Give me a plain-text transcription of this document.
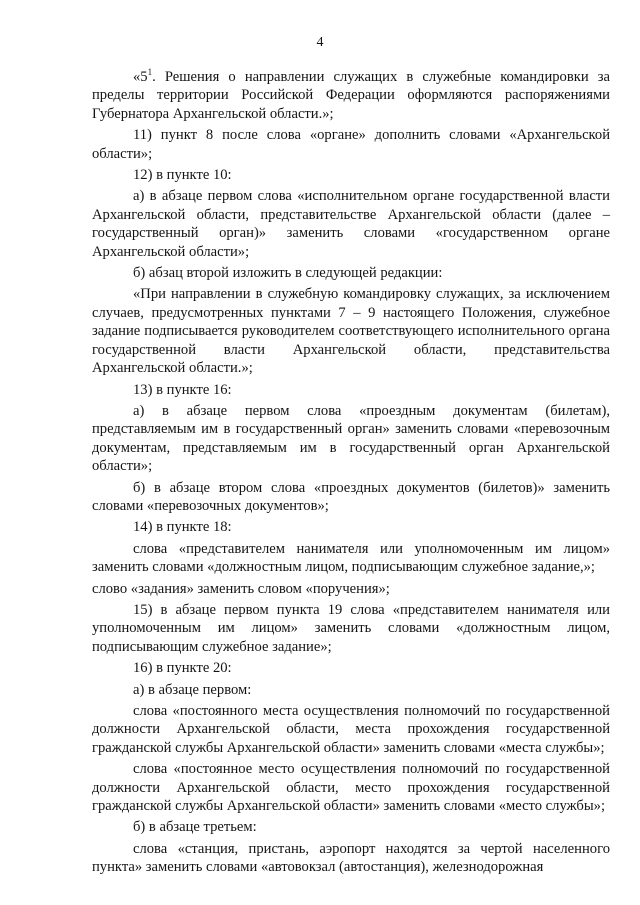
4

«$5^1$. Решения о направлении служащих в служебные командировки за пределы территории Российской Федерации оформляются распоряжениями Губернатора Архангельской области.»;

11) пункт 8 после слова «органе» дополнить словами «Архангельской области»;

12) в пункте 10:

а) в абзаце первом слова «исполнительном органе государственной власти Архангельской области, представительстве Архангельской области (далее – государственный орган)» заменить словами «государственном органе Архангельской области»;

б) абзац второй изложить в следующей редакции:

«При направлении в служебную командировку служащих, за исключением случаев, предусмотренных пунктами 7 – 9 настоящего Положения, служебное задание подписывается руководителем соответствующего исполнительного органа государственной власти Архангельской области, представительства Архангельской области.»;

13) в пункте 16:

а) в абзаце первом слова «проездным документам (билетам), представляемым им в государственный орган» заменить словами «перевозочным документам, представляемым им в государственный орган Архангельской области»;

б) в абзаце втором слова «проездных документов (билетов)» заменить словами «перевозочных документов»;

14) в пункте 18:

слова «представителем нанимателя или уполномоченным им лицом» заменить словами «должностным лицом, подписывающим служебное задание,»;

слово «задания» заменить словом «поручения»;

15) в абзаце первом пункта 19 слова «представителем нанимателя или уполномоченным им лицом» заменить словами «должностным лицом, подписывающим служебное задание»;

16) в пункте 20:

а) в абзаце первом:

слова «постоянного места осуществления полномочий по государственной должности Архангельской области, места прохождения государственной гражданской службы Архангельской области» заменить словами «места службы»;

слова «постоянное место осуществления полномочий по государственной должности Архангельской области, место прохождения государственной гражданской службы Архангельской области» заменить словами «место службы»;

б) в абзаце третьем:

слова «станция, пристань, аэропорт находятся за чертой населенного пункта» заменить словами «автовокзал (автостанция), железнодорожная
